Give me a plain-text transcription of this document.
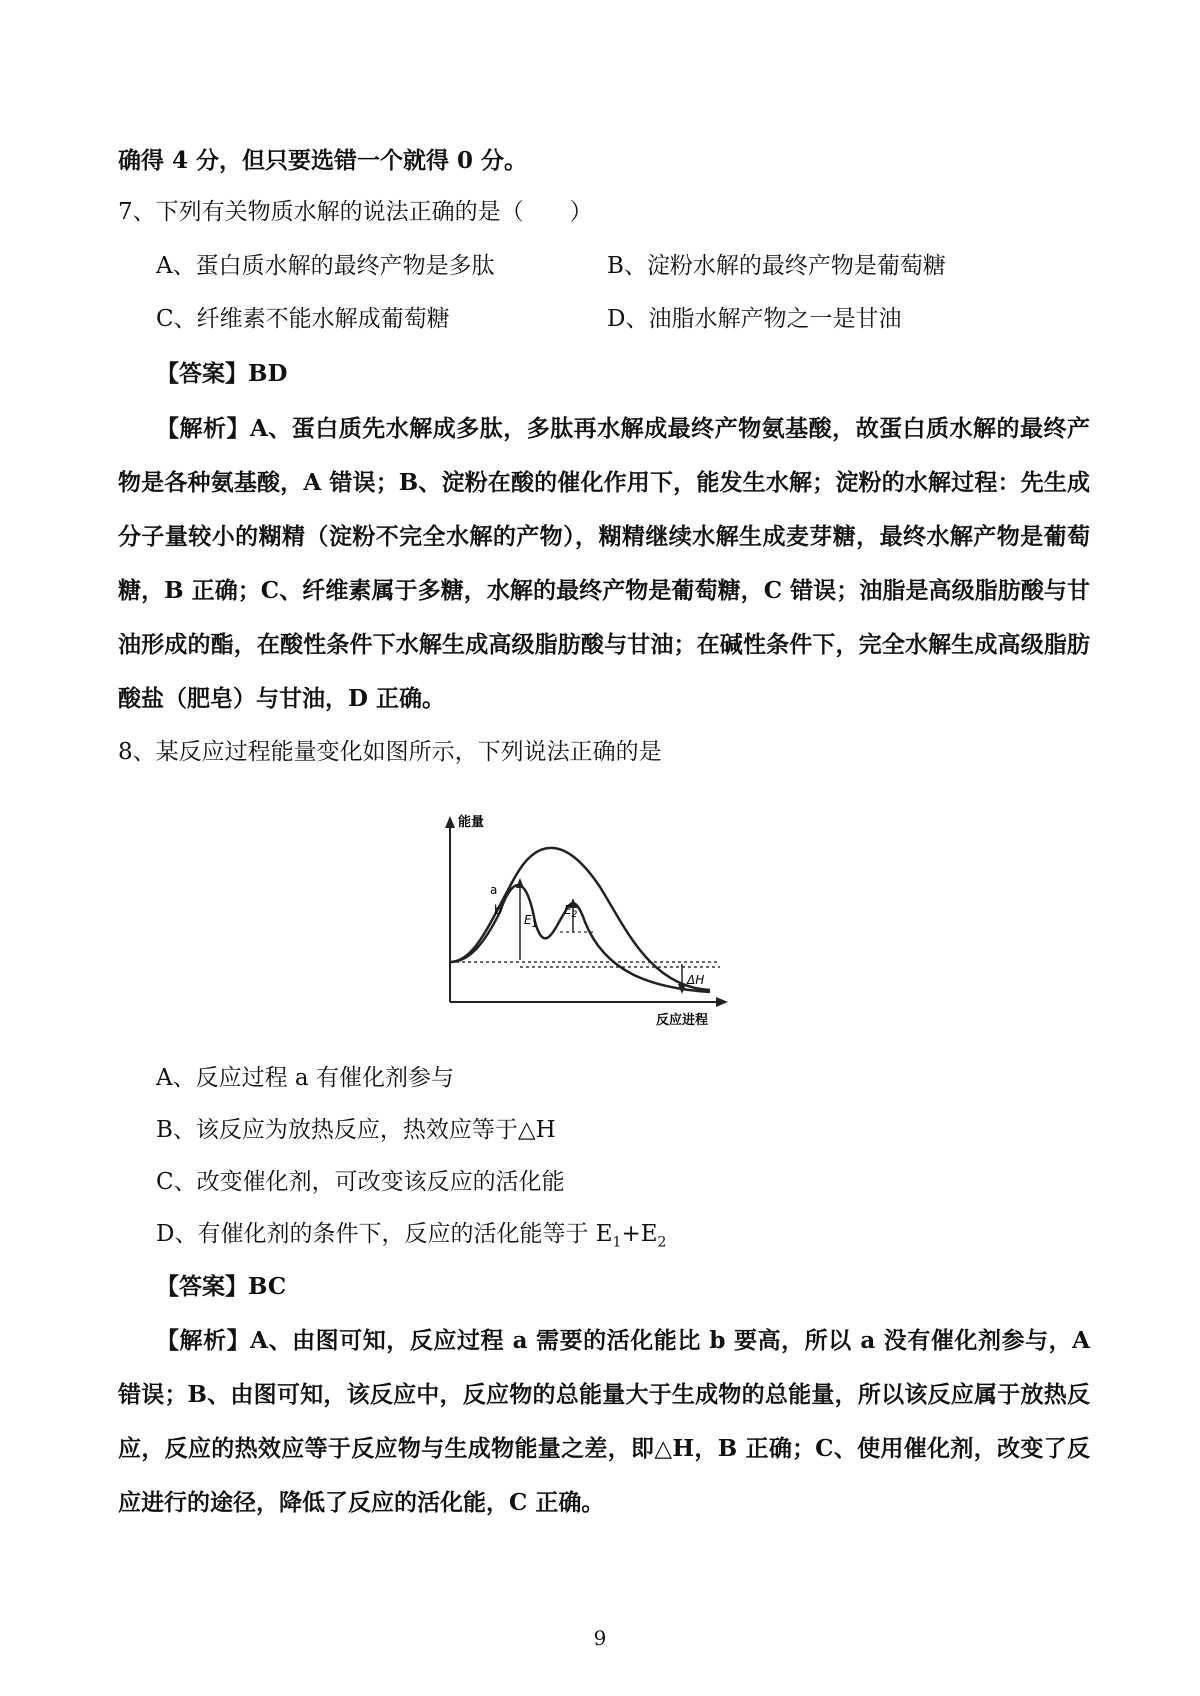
确得 4 分，但只要选错一个就得 0 分。
7、下列有关物质水解的说法正确的是（　　）
A、蛋白质水解的最终产物是多肽	B、淀粉水解的最终产物是葡萄糖
C、纤维素不能水解成葡萄糖	D、油脂水解产物之一是甘油
【答案】BD
【解析】A、蛋白质先水解成多肽，多肽再水解成最终产物氨基酸，故蛋白质水解的最终产物是各种氨基酸，A 错误；B、淀粉在酸的催化作用下，能发生水解；淀粉的水解过程：先生成分子量较小的糊精（淀粉不完全水解的产物），糊精继续水解生成麦芽糖，最终水解产物是葡萄糖，B 正确；C、纤维素属于多糖，水解的最终产物是葡萄糖，C 错误；油脂是高级脂肪酸与甘油形成的酯，在酸性条件下水解生成高级脂肪酸与甘油；在碱性条件下，完全水解生成高级脂肪酸盐（肥皂）与甘油，D 正确。
8、某反应过程能量变化如图所示，下列说法正确的是
能量
反应进程
a
b
$E_1$
$E_2$
ΔH
A、反应过程 a 有催化剂参与
B、该反应为放热反应，热效应等于△H
C、改变催化剂，可改变该反应的活化能
D、有催化剂的条件下，反应的活化能等于 $E_1+E_2$
【答案】BC
【解析】A、由图可知，反应过程 a 需要的活化能比 b 要高，所以 a 没有催化剂参与，A 错误；B、由图可知，该反应中，反应物的总能量大于生成物的总能量，所以该反应属于放热反应，反应的热效应等于反应物与生成物能量之差，即△H，B 正确；C、使用催化剂，改变了反应进行的途径，降低了反应的活化能，C 正确。
9
